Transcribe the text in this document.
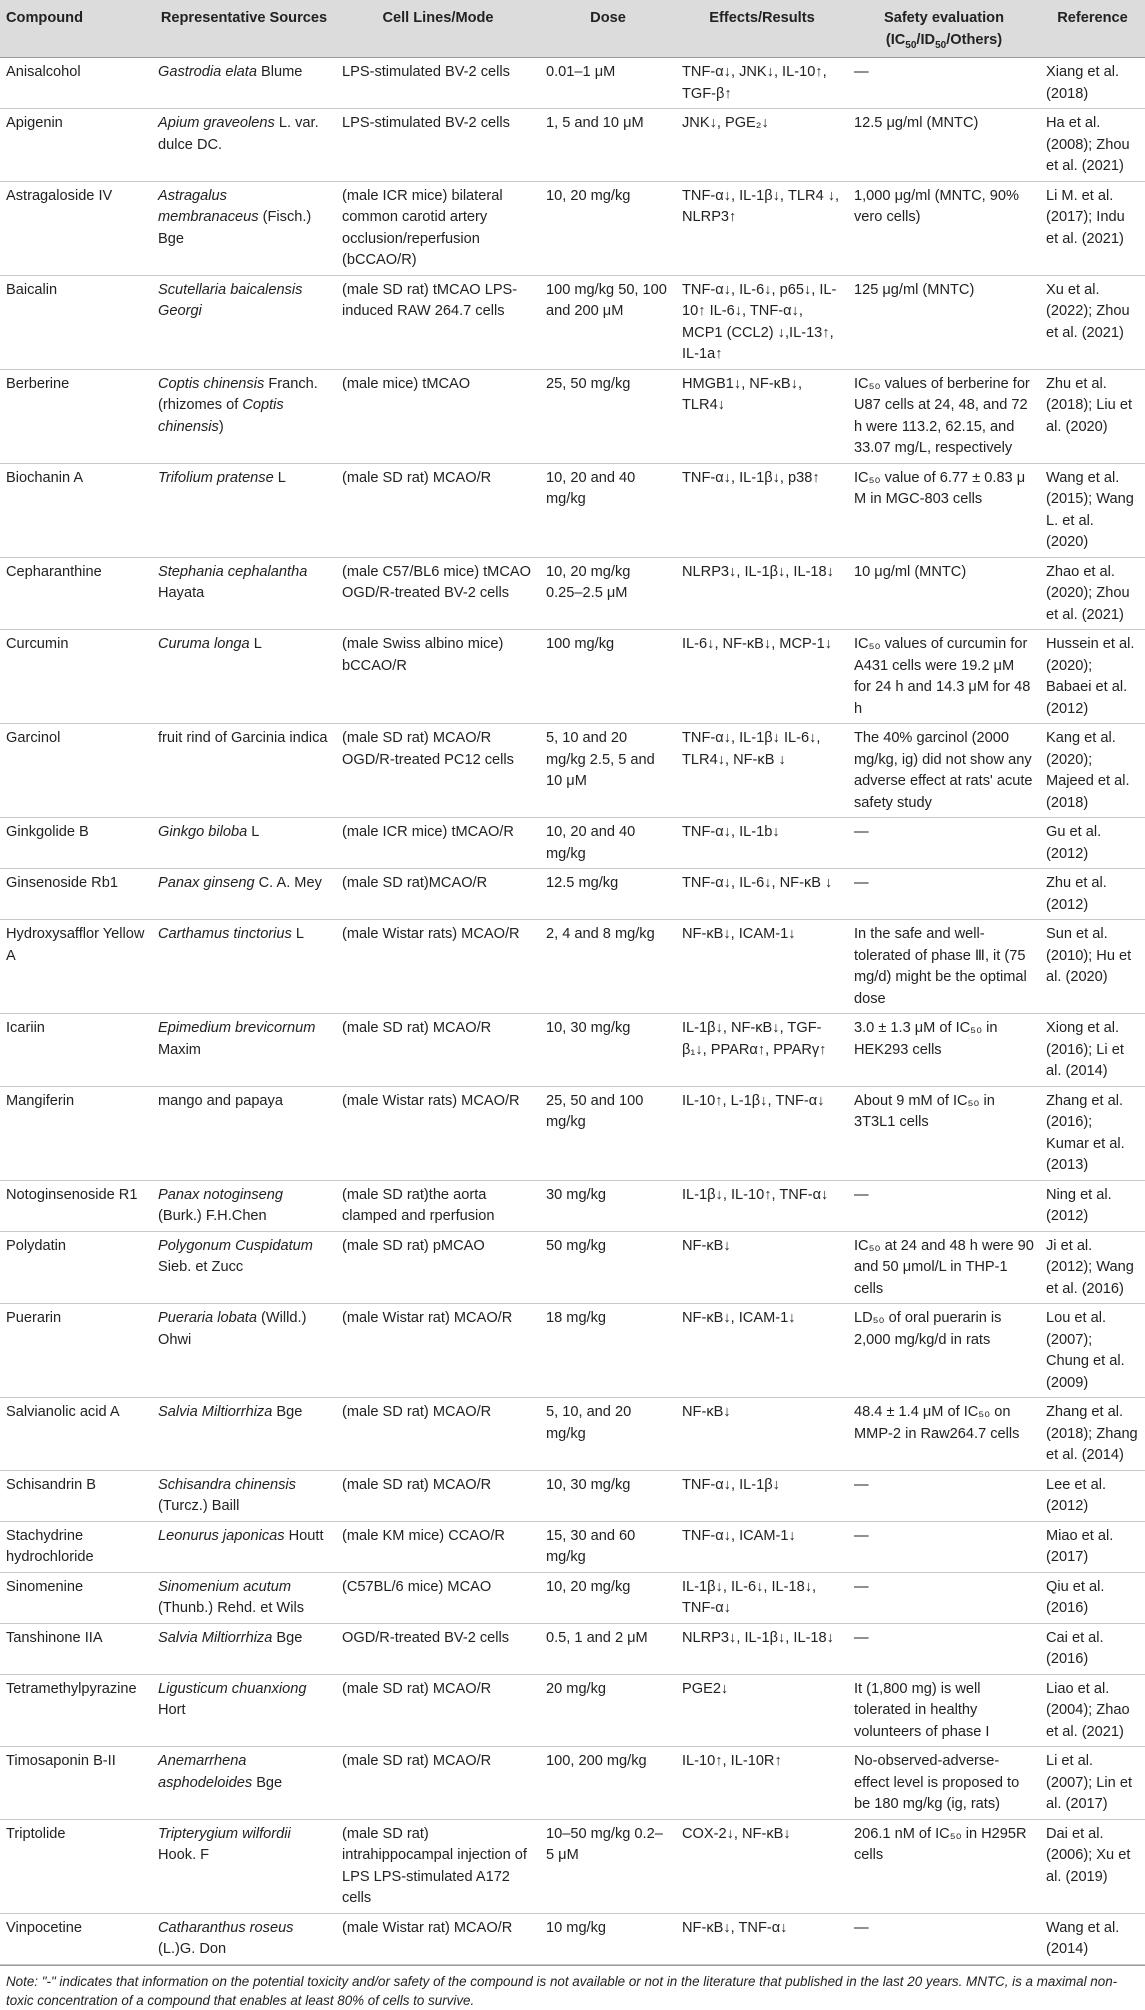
Compound	Representative Sources	Cell Lines/Mode	Dose	Effects/Results	Safety evaluation $(IC_{50}/ID_{50}/Others)$	Reference
Anisalcohol	Gastrodia elata Blume	LPS-stimulated BV-2 cells	0.01–1 μM	TNF-α↓, JNK↓, IL-10↑, TGF-β↑	—	Xiang et al. (2018)
Apigenin	Apium graveolens L. var. dulce DC.	LPS-stimulated BV-2 cells	1, 5 and 10 μM	JNK↓, PGE₂↓	12.5 μg/ml (MNTC)	Ha et al. (2008); Zhou et al. (2021)
Astragaloside IV	Astragalus membranaceus (Fisch.) Bge	(male ICR mice) bilateral common carotid artery occlusion/reperfusion (bCCAO/R)	10, 20 mg/kg	TNF-α↓, IL-1β↓, TLR4 ↓, NLRP3↑	1,000 μg/ml (MNTC, 90% vero cells)	Li M. et al. (2017); Indu et al. (2021)
Baicalin	Scutellaria baicalensis Georgi	(male SD rat) tMCAO LPS-induced RAW 264.7 cells	100 mg/kg 50, 100 and 200 μM	TNF-α↓, IL-6↓, p65↓, IL-10↑ IL-6↓, TNF-α↓, MCP1 (CCL2) ↓,IL-13↑, IL-1a↑	125 μg/ml (MNTC)	Xu et al. (2022); Zhou et al. (2021)
Berberine	Coptis chinensis Franch.(rhizomes of Coptis chinensis)	(male mice) tMCAO	25, 50 mg/kg	HMGB1↓, NF-κB↓, TLR4↓	IC₅₀ values of berberine for U87 cells at 24, 48, and 72 h were 113.2, 62.15, and 33.07 mg/L, respectively	Zhu et al. (2018); Liu et al. (2020)
Biochanin A	Trifolium pratense L	(male SD rat) MCAO/R	10, 20 and 40 mg/kg	TNF-α↓, IL-1β↓, p38↑	IC₅₀ value of 6.77 ± 0.83 μ M in MGC-803 cells	Wang et al. (2015); Wang L. et al. (2020)
Cepharanthine	Stephania cephalantha Hayata	(male C57/BL6 mice) tMCAO OGD/R-treated BV-2 cells	10, 20 mg/kg 0.25–2.5 μM	NLRP3↓, IL-1β↓, IL-18↓	10 μg/ml (MNTC)	Zhao et al. (2020); Zhou et al. (2021)
Curcumin	Curuma longa L	(male Swiss albino mice) bCCAO/R	100 mg/kg	IL-6↓, NF-κB↓, MCP-1↓	IC₅₀ values of curcumin for A431 cells were 19.2 μM for 24 h and 14.3 μM for 48 h	Hussein et al. (2020); Babaei et al. (2012)
Garcinol	fruit rind of Garcinia indica	(male SD rat) MCAO/R OGD/R-treated PC12 cells	5, 10 and 20 mg/kg 2.5, 5 and 10 μM	TNF-α↓, IL-1β↓ IL-6↓, TLR4↓, NF-κB ↓	The 40% garcinol (2000 mg/kg, ig) did not show any adverse effect at rats' acute safety study	Kang et al. (2020); Majeed et al. (2018)
Ginkgolide B	Ginkgo biloba L	(male ICR mice) tMCAO/R	10, 20 and 40 mg/kg	TNF-α↓, IL-1b↓	—	Gu et al. (2012)
Ginsenoside Rb1	Panax ginseng C. A. Mey	(male SD rat)MCAO/R	12.5 mg/kg	TNF-α↓, IL-6↓, NF-κB ↓	—	Zhu et al. (2012)
Hydroxysafflor Yellow A	Carthamus tinctorius L	(male Wistar rats) MCAO/R	2, 4 and 8 mg/kg	NF-κB↓, ICAM-1↓	In the safe and well-tolerated of phase Ⅲ, it (75 mg/d) might be the optimal dose	Sun et al. (2010); Hu et al. (2020)
Icariin	Epimedium brevicornum Maxim	(male SD rat) MCAO/R	10, 30 mg/kg	IL-1β↓, NF-κB↓, TGF-β₁↓, PPARα↑, PPARγ↑	3.0 ± 1.3 μM of IC₅₀ in HEK293 cells	Xiong et al. (2016); Li et al. (2014)
Mangiferin	mango and papaya	(male Wistar rats) MCAO/R	25, 50 and 100 mg/kg	IL-10↑, L-1β↓, TNF-α↓	About 9 mM of IC₅₀ in 3T3L1 cells	Zhang et al. (2016); Kumar et al. (2013)
Notoginsenoside R1	Panax notoginseng (Burk.) F.H.Chen	(male SD rat)the aorta clamped and rperfusion	30 mg/kg	IL-1β↓, IL-10↑, TNF-α↓	—	Ning et al. (2012)
Polydatin	Polygonum Cuspidatum Sieb. et Zucc	(male SD rat) pMCAO	50 mg/kg	NF-κB↓	IC₅₀ at 24 and 48 h were 90 and 50 μmol/L in THP-1 cells	Ji et al. (2012); Wang et al. (2016)
Puerarin	Pueraria lobata (Willd.) Ohwi	(male Wistar rat) MCAO/R	18 mg/kg	NF-κB↓, ICAM-1↓	LD₅₀ of oral puerarin is 2,000 mg/kg/d in rats	Lou et al. (2007); Chung et al. (2009)
Salvianolic acid A	Salvia Miltiorrhiza Bge	(male SD rat) MCAO/R	5, 10, and 20 mg/kg	NF-κB↓	48.4 ± 1.4 μM of IC₅₀ on MMP-2 in Raw264.7 cells	Zhang et al. (2018); Zhang et al. (2014)
Schisandrin B	Schisandra chinensis (Turcz.) Baill	(male SD rat) MCAO/R	10, 30 mg/kg	TNF-α↓, IL-1β↓	—	Lee et al. (2012)
Stachydrine hydrochloride	Leonurus japonicas Houtt	(male KM mice) CCAO/R	15, 30 and 60 mg/kg	TNF-α↓, ICAM-1↓	—	Miao et al. (2017)
Sinomenine	Sinomenium acutum (Thunb.) Rehd. et Wils	(C57BL/6 mice) MCAO	10, 20 mg/kg	IL-1β↓, IL-6↓, IL-18↓, TNF-α↓	—	Qiu et al. (2016)
Tanshinone IIA	Salvia Miltiorrhiza Bge	OGD/R-treated BV-2 cells	0.5, 1 and 2 μM	NLRP3↓, IL-1β↓, IL-18↓	—	Cai et al. (2016)
Tetramethylpyrazine	Ligusticum chuanxiong Hort	(male SD rat) MCAO/R	20 mg/kg	PGE2↓	It (1,800 mg) is well tolerated in healthy volunteers of phase I	Liao et al. (2004); Zhao et al. (2021)
Timosaponin B-II	Anemarrhena asphodeloides Bge	(male SD rat) MCAO/R	100, 200 mg/kg	IL-10↑, IL-10R↑	No-observed-adverse-effect level is proposed to be 180 mg/kg (ig, rats)	Li et al. (2007); Lin et al. (2017)
Triptolide	Tripterygium wilfordii Hook. F	(male SD rat) intrahippocampal injection of LPS LPS-stimulated A172 cells	10–50 mg/kg 0.2–5 μM	COX-2↓, NF-κB↓	206.1 nM of IC₅₀ in H295R cells	Dai et al. (2006); Xu et al. (2019)
Vinpocetine	Catharanthus roseus (L.)G. Don	(male Wistar rat) MCAO/R	10 mg/kg	NF-κB↓, TNF-α↓	—	Wang et al. (2014)
Note: "-" indicates that information on the potential toxicity and/or safety of the compound is not available or not in the literature that published in the last 20 years. MNTC, is a maximal non-toxic concentration of a compound that enables at least 80% of cells to survive.
